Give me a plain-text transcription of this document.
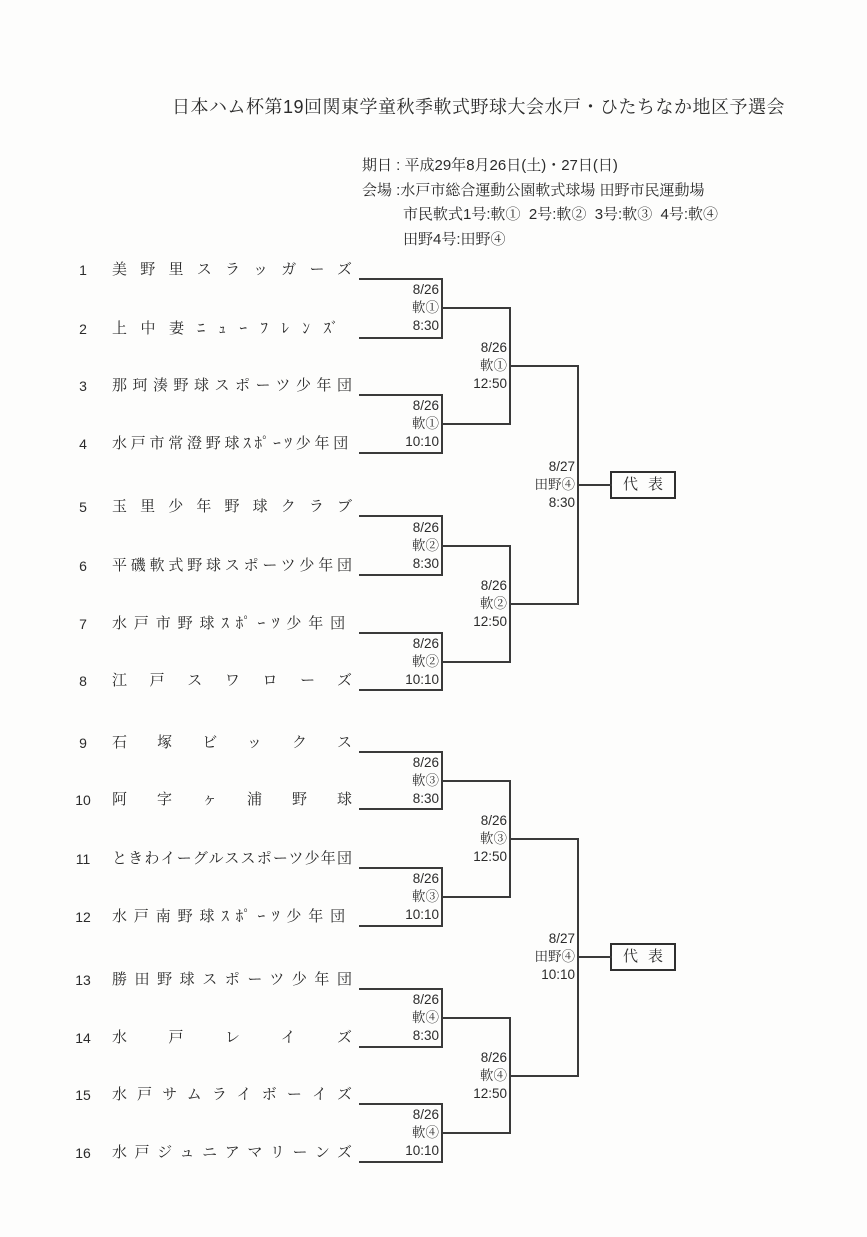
日本ハム杯第19回関東学童秋季軟式野球大会水戸・ひたちなか地区予選会
期日 : 平成29年8月26日(土)・27日(日)
会場 :水戸市総合運動公園軟式球場 田野市民運動場
市民軟式1号:軟①  2号:軟②  3号:軟③  4号:軟④
田野4号:田野④
1	美野里スラッガーズ
2	上中妻ﾆｭｰﾌﾚﾝｽﾞ
3	那珂湊野球スポーツ少年団
4	水戸市常澄野球ｽﾎﾟｰﾂ少年団
5	玉里少年野球クラブ
6	平磯軟式野球スポーツ少年団
7	水戸市野球ｽﾎﾟｰﾂ少年団
8	江戸スワローズ
9	石塚ビックス
10	阿字ヶ浦野球
11	ときわイーグルススポーツ少年団
12	水戸南野球ｽﾎﾟｰﾂ少年団
13	勝田野球スポーツ少年団
14	水戸レイズ
15	水戸サムライボーイズ
16	水戸ジュニアマリーンズ
8/26
軟①
8:30
8/26
軟①
10:10
8/26
軟②
8:30
8/26
軟②
10:10
8/26
軟③
8:30
8/26
軟③
10:10
8/26
軟④
8:30
8/26
軟④
10:10
8/26
軟①
12:50
8/26
軟②
12:50
8/26
軟③
12:50
8/26
軟④
12:50
8/27
田野④
8:30
8/27
田野④
10:10
代表
代表
